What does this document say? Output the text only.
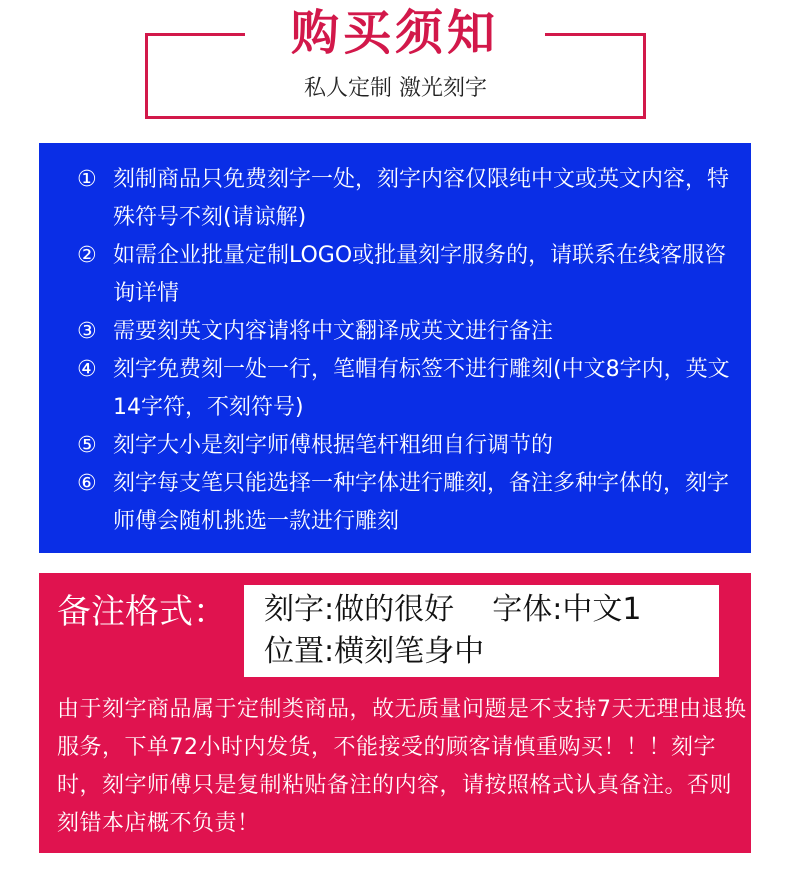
购买须知
私人定制 激光刻字
① 刻制商品只免费刻字一处，刻字内容仅限纯中文或英文内容，特殊符号不刻(请谅解)
② 如需企业批量定制LOGO或批量刻字服务的，请联系在线客服咨询详情
③ 需要刻英文内容请将中文翻译成英文进行备注
④ 刻字免费刻一处一行，笔帽有标签不进行雕刻(中文8字内，英文14字符，不刻符号)
⑤ 刻字大小是刻字师傅根据笔杆粗细自行调节的
⑥ 刻字每支笔只能选择一种字体进行雕刻，备注多种字体的，刻字师傅会随机挑选一款进行雕刻
备注格式： 刻字:做的很好    字体:中文1
位置:横刻笔身中
由于刻字商品属于定制类商品，故无质量问题是不支持7天无理由退换服务，下单72小时内发货，不能接受的顾客请慎重购买！！！刻字时，刻字师傅只是复制粘贴备注的内容，请按照格式认真备注。否则刻错本店概不负责！
